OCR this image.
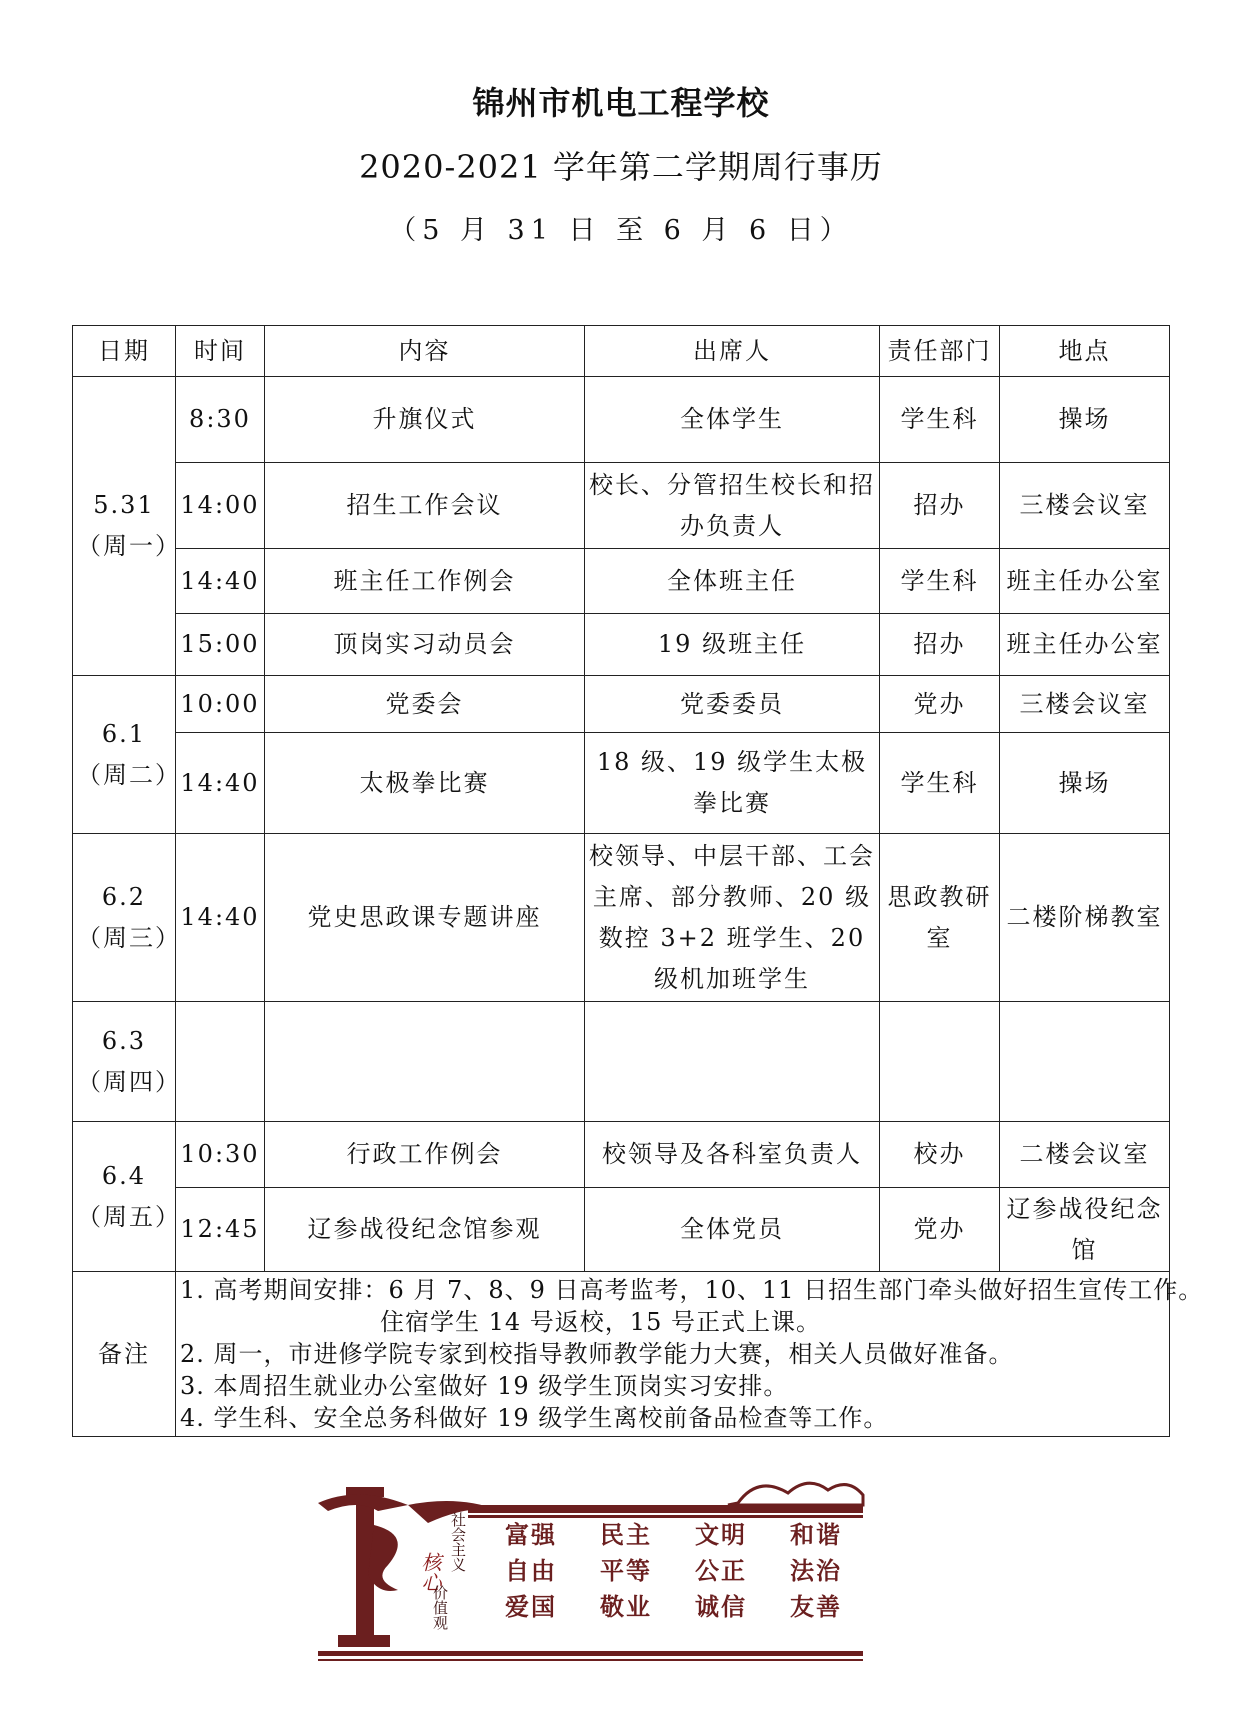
锦州市机电工程学校
2020-2021 学年第二学期周行事历
（5 月 31 日 至 6 月 6 日）
日期	时间	内容	出席人	责任部门	地点

5.31
（周一）	8:30	升旗仪式	全体学生	学生科	操场
	14:00	招生工作会议	校长、分管招生校长和招办负责人	招办	三楼会议室
	14:40	班主任工作例会	全体班主任	学生科	班主任办公室
	15:00	顶岗实习动员会	19 级班主任	招办	班主任办公室

6.1
（周二）	10:00	党委会	党委委员	党办	三楼会议室
	14:40	太极拳比赛	18 级、19 级学生太极拳比赛	学生科	操场

6.2
（周三）	14:40	党史思政课专题讲座	校领导、中层干部、工会主席、部分教师、20 级数控 3+2 班学生、20 级机加班学生	思政教研室	二楼阶梯教室

6.3
（周四）					

6.4
（周五）	10:30	行政工作例会	校领导及各科室负责人	校办	二楼会议室
	12:45	辽参战役纪念馆参观	全体党员	党办	辽参战役纪念馆
备注	1. 高考期间安排：6 月 7、8、9 日高考监考，10、11 日招生部门牵头做好招生宣传工作。
住宿学生 14 号返校，15 号正式上课。
2. 周一，市进修学院专家到校指导教师教学能力大赛，相关人员做好准备。
3. 本周招生就业办公室做好 19 级学生顶岗实习安排。
4. 学生科、安全总务科做好 19 级学生离校前备品检查等工作。				
社会主义
核心
价值观
富强 民主 文明 和谐
自由 平等 公正 法治
爱国 敬业 诚信 友善
